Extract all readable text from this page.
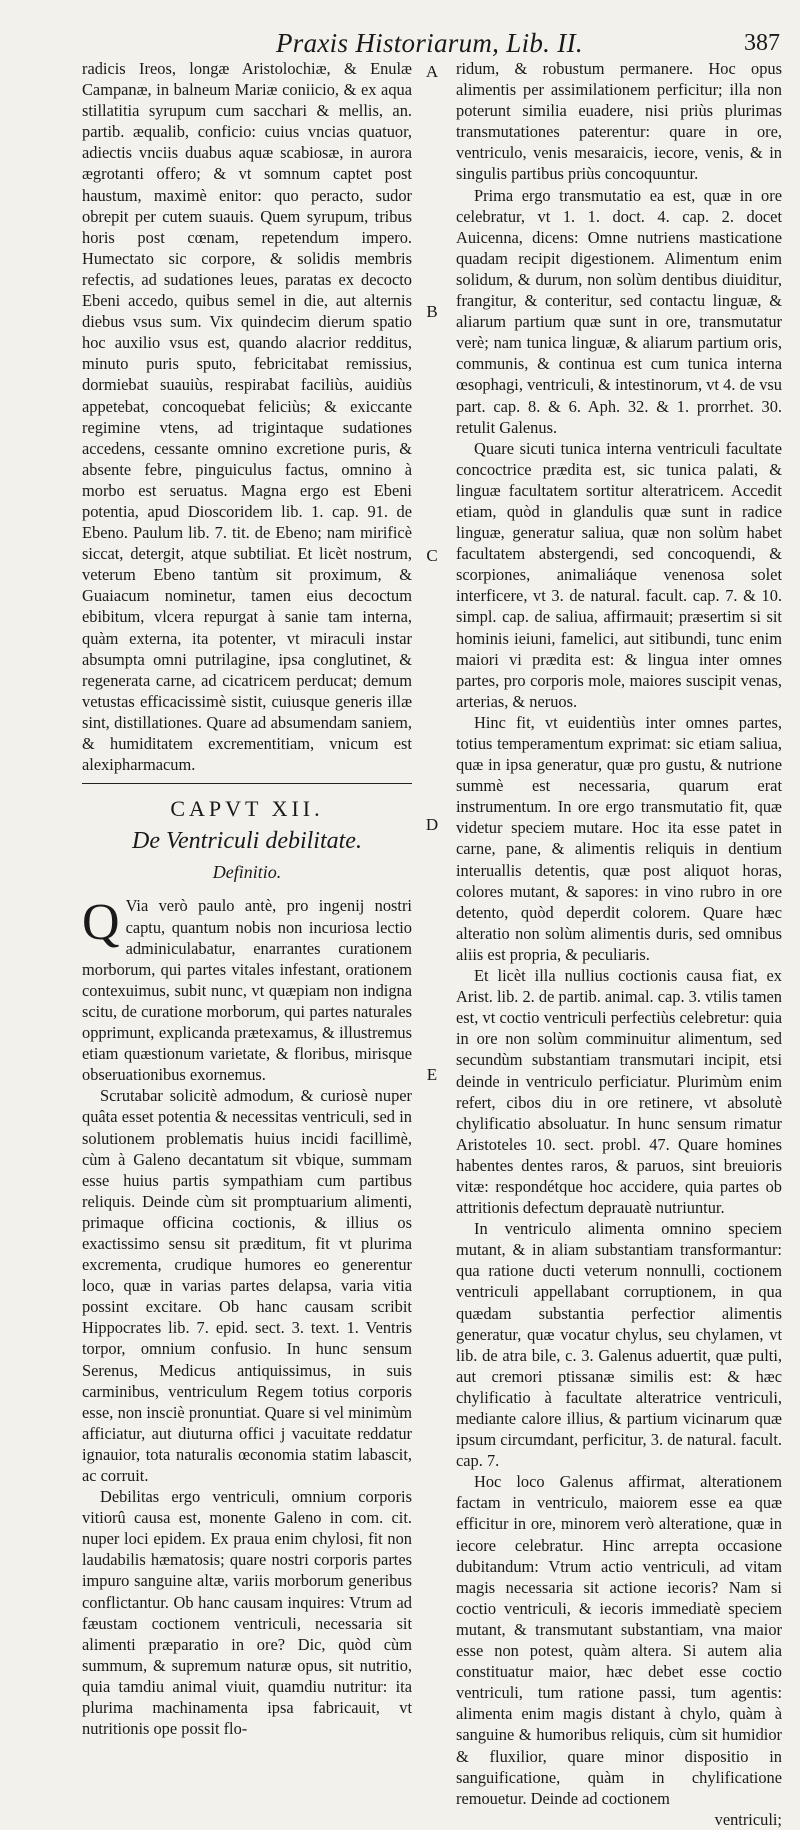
Praxis Historiarum, Lib. II.	387
A
B
C
D
E

radicis Ireos, longæ Aristolochiæ, & Enulæ Campanæ, in balneum Mariæ coniicio, & ex aqua stillatitia syrupum cum sacchari & mellis, an. partib. æqualib, conficio: cuius vncias quatuor, adiectis vnciis duabus aquæ scabiosæ, in aurora ægrotanti offero; & vt somnum captet post haustum, maximè enitor: quo peracto, sudor obrepit per cutem suauis. Quem syrupum, tribus horis post cœnam, repetendum impero. Humectato sic corpore, & solidis membris refectis, ad sudationes leues, paratas ex decocto Ebeni accedo, quibus semel in die, aut alternis diebus vsus sum. Vix quindecim dierum spatio hoc auxilio vsus est, quando alacrior redditus, minuto puris sputo, febricitabat remissius, dormiebat suauiùs, respirabat faciliùs, auidiùs appetebat, concoquebat feliciùs; & exiccante regimine vtens, ad trigintaque sudationes accedens, cessante omnino excretione puris, & absente febre, pinguiculus factus, omnino à morbo est seruatus. Magna ergo est Ebeni potentia, apud Dioscoridem lib. 1. cap. 91. de Ebeno. Paulum lib. 7. tit. de Ebeno; nam mirificè siccat, detergit, atque subtiliat. Et licèt nostrum, veterum Ebeno tantùm sit proximum, & Guaiacum nominetur, tamen eius decoctum ebibitum, vlcera repurgat à sanie tam interna, quàm externa, ita potenter, vt miraculi instar absumpta omni putrilagine, ipsa conglutinet, & regenerata carne, ad cicatricem perducat; demum vetustas efficacissimè sistit, cuiusque generis illæ sint, distillationes. Quare ad absumendam saniem, & humiditatem excrementitiam, vnicum est alexipharmacum.

CAPVT XII.
De Ventriculi debilitate.
Definitio.

Q Via verò paulo antè, pro ingenij nostri captu, quantum nobis non incuriosa lectio adminiculabatur, enarrantes curationem morborum, qui partes vitales infestant, orationem contexuimus, subit nunc, vt quæpiam non indigna scitu, de curatione morborum, qui partes naturales opprimunt, explicanda prætexamus, & illustremus etiam quæstionum varietate, & floribus, mirisque obseruationibus exornemus.

Scrutabar solicitè admodum, & curiosè nuper quâta esset potentia & necessitas ventriculi, sed in solutionem problematis huius incidi facillimè, cùm à Galeno decantatum sit vbique, summam esse huius partis sympathiam cum partibus reliquis. Deinde cùm sit promptuarium alimenti, primaque officina coctionis, & illius os exactissimo sensu sit præditum, fit vt plurima excrementa, crudique humores eo generentur loco, quæ in varias partes delapsa, varia vitia possint excitare. Ob hanc causam scribit Hippocrates lib. 7. epid. sect. 3. text. 1. Ventris torpor, omnium confusio. In hunc sensum Serenus, Medicus antiquissimus, in suis carminibus, ventriculum Regem totius corporis esse, non insciè pronuntiat. Quare si vel minimùm afficiatur, aut diuturna offici j vacuitate reddatur ignauior, tota naturalis œconomia statim labascit, ac corruit.

Debilitas ergo ventriculi, omnium corporis vitiorû causa est, monente Galeno in com. cit. nuper loci epidem. Ex praua enim chylosi, fit non laudabilis hæmatosis; quare nostri corporis partes impuro sanguine altæ, variis morborum generibus conflictantur. Ob hanc causam inquires: Vtrum ad fæustam coctionem ventriculi, necessaria sit alimenti præparatio in ore? Dic, quòd cùm summum, & supremum naturæ opus, sit nutritio, quia tamdiu animal viuit, quamdiu nutritur: ita plurima machinamenta ipsa fabricauit, vt nutritionis ope possit flo-

ridum, & robustum permanere. Hoc opus alimentis per assimilationem perficitur; illa non poterunt similia euadere, nisi priùs plurimas transmutationes paterentur: quare in ore, ventriculo, venis mesaraicis, iecore, venis, & in singulis partibus priùs concoquuntur.

Prima ergo transmutatio ea est, quæ in ore celebratur, vt 1. 1. doct. 4. cap. 2. docet Auicenna, dicens: Omne nutriens masticatione quadam recipit digestionem. Alimentum enim solidum, & durum, non solùm dentibus diuiditur, frangitur, & conteritur, sed contactu linguæ, & aliarum partium quæ sunt in ore, transmutatur verè; nam tunica linguæ, & aliarum partium oris, communis, & continua est cum tunica interna œsophagi, ventriculi, & intestinorum, vt 4. de vsu part. cap. 8. & 6. Aph. 32. & 1. prorrhet. 30. retulit Galenus.

Quare sicuti tunica interna ventriculi facultate concoctrice prædita est, sic tunica palati, & linguæ facultatem sortitur alteratricem. Accedit etiam, quòd in glandulis quæ sunt in radice linguæ, generatur saliua, quæ non solùm habet facultatem abstergendi, sed concoquendi, & scorpiones, animaliáque venenosa solet interficere, vt 3. de natural. facult. cap. 7. & 10. simpl. cap. de saliua, affirmauit; præsertim si sit hominis ieiuni, famelici, aut sitibundi, tunc enim maiori vi prædita est: & lingua inter omnes partes, pro corporis mole, maiores suscipit venas, arterias, & neruos.

Hinc fit, vt euidentiùs inter omnes partes, totius temperamentum exprimat: sic etiam saliua, quæ in ipsa generatur, quæ pro gustu, & nutrione summè est necessaria, quarum erat instrumentum. In ore ergo transmutatio fit, quæ videtur speciem mutare. Hoc ita esse patet in carne, pane, & alimentis reliquis in dentium interuallis detentis, quæ post aliquot horas, colores mutant, & sapores: in vino rubro in ore detento, quòd deperdit colorem. Quare hæc alteratio non solùm alimentis duris, sed omnibus aliis est propria, & peculiaris.

Et licèt illa nullius coctionis causa fiat, ex Arist. lib. 2. de partib. animal. cap. 3. vtilis tamen est, vt coctio ventriculi perfectiùs celebretur: quia in ore non solùm comminuitur alimentum, sed secundùm substantiam transmutari incipit, etsi deinde in ventriculo perficiatur. Plurimùm enim refert, cibos diu in ore retinere, vt absolutè chylificatio absoluatur. In hunc sensum rimatur Aristoteles 10. sect. probl. 47. Quare homines habentes dentes raros, & paruos, sint breuioris vitæ: respondétque hoc accidere, quia partes ob attritionis defectum deprauatè nutriuntur.

In ventriculo alimenta omnino speciem mutant, & in aliam substantiam transformantur: qua ratione ducti veterum nonnulli, coctionem ventriculi appellabant corruptionem, in qua quædam substantia perfectior alimentis generatur, quæ vocatur chylus, seu chylamen, vt lib. de atra bile, c. 3. Galenus aduertit, quæ pulti, aut cremori ptissanæ similis est: & hæc chylificatio à facultate alteratrice ventriculi, mediante calore illius, & partium vicinarum quæ ipsum circumdant, perficitur, 3. de natural. facult. cap. 7.

Hoc loco Galenus affirmat, alterationem factam in ventriculo, maiorem esse ea quæ efficitur in ore, minorem verò alteratione, quæ in iecore celebratur. Hinc arrepta occasione dubitandum: Vtrum actio ventriculi, ad vitam magis necessaria sit actione iecoris? Nam si coctio ventriculi, & iecoris immediatè speciem mutant, & transmutant substantiam, vna maior esse non potest, quàm altera. Si autem alia constituatur maior, hæc debet esse coctio ventriculi, tum ratione passi, tum agentis: alimenta enim magis distant à chylo, quàm à sanguine & humoribus reliquis, cùm sit humidior & fluxilior, quare minor dispositio in sanguificatione, quàm in chylificatione remouetur. Deinde ad coctionem

ventriculi;
